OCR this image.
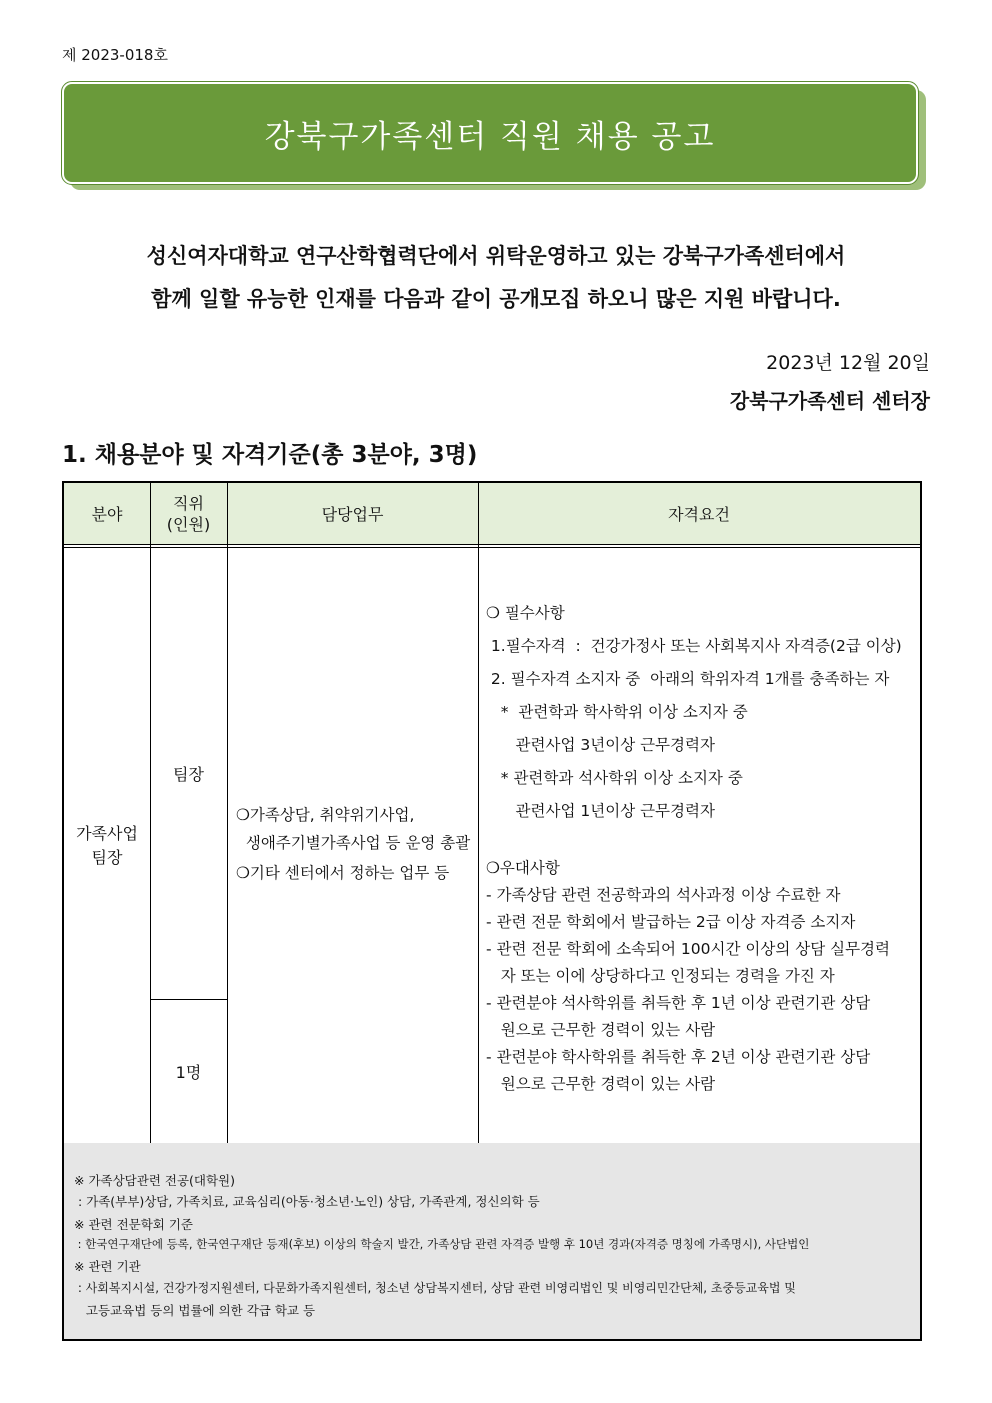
제 2023-018호
강북구가족센터 직원 채용 공고
성신여자대학교 연구산학협력단에서 위탁운영하고 있는 강북구가족센터에서
함께 일할 유능한 인재를 다음과 같이 공개모집 하오니 많은 지원 바랍니다.
2023년 12월 20일
강북구가족센터 센터장
1. 채용분야 및 자격기준(총 3분야, 3명)
분야
직위
(인원)
담당업무	자격요건
가족사업
팀장
팀장
1명
❍가족상담, 취약위기사업,
생애주기별가족사업 등 운영 총괄
❍기타 센터에서 정하는 업무 등
❍ 필수사항
1.필수자격  :  건강가정사 또는 사회복지사 자격증(2급 이상)
2. 필수자격 소지자 중  아래의 학위자격 1개를 충족하는 자
*  관련학과 학사학위 이상 소지자 중
관련사업 3년이상 근무경력자
* 관련학과 석사학위 이상 소지자 중
관련사업 1년이상 근무경력자
❍우대사항
- 가족상담 관련 전공학과의 석사과정 이상 수료한 자
- 관련 전문 학회에서 발급하는 2급 이상 자격증 소지자
- 관련 전문 학회에 소속되어 100시간 이상의 상담 실무경력
자 또는 이에 상당하다고 인정되는 경력을 가진 자
- 관련분야 석사학위를 취득한 후 1년 이상 관련기관 상담
원으로 근무한 경력이 있는 사람
- 관련분야 학사학위를 취득한 후 2년 이상 관련기관 상담
원으로 근무한 경력이 있는 사람
※ 가족상담관련 전공(대학원)
: 가족(부부)상담, 가족치료, 교육심리(아동·청소년·노인) 상담, 가족관계, 정신의학 등
※ 관련 전문학회 기준
: 한국연구재단에 등록, 한국연구재단 등재(후보) 이상의 학술지 발간, 가족상담 관련 자격증 발행 후 10년 경과(자격증 명칭에 가족명시), 사단법인
※ 관련 기관
: 사회복지시설, 건강가정지원센터, 다문화가족지원센터, 청소년 상담복지센터, 상담 관련 비영리법인 및 비영리민간단체, 초중등교육법 및
고등교육법 등의 법률에 의한 각급 학교 등
